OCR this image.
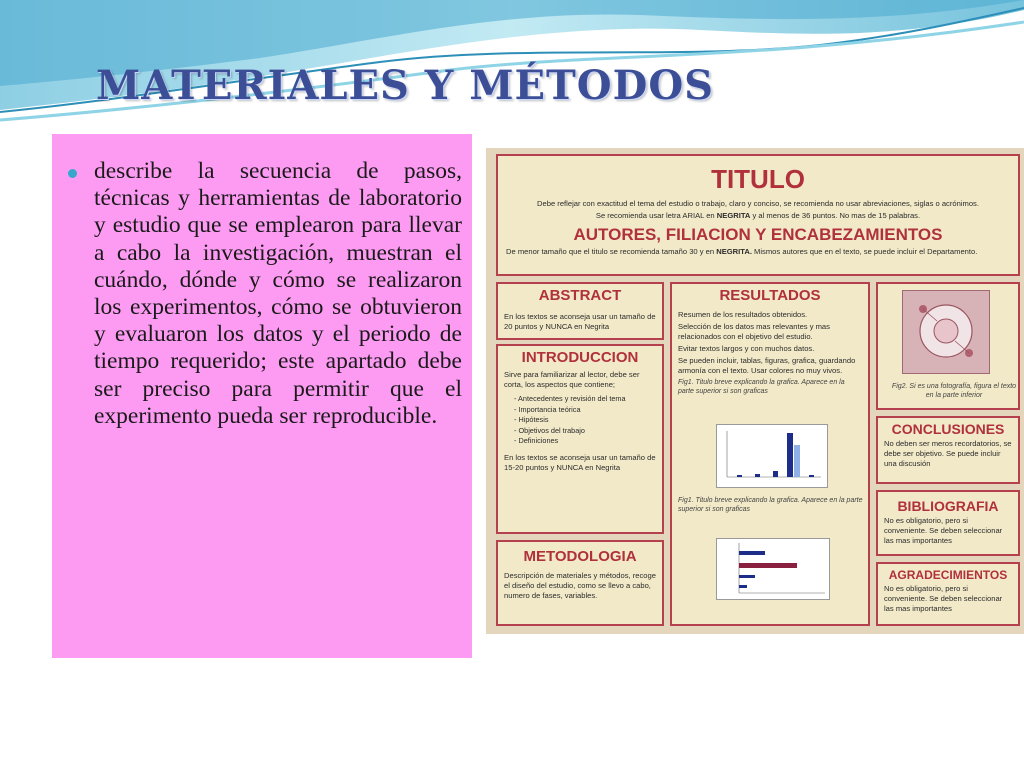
MATERIALES Y MÉTODOS

describe la secuencia de pasos, técnicas y herramientas de laboratorio y estudio que se emplearon para llevar a cabo la investigación, muestran el cuándo, dónde y cómo se realizaron los experimentos, cómo se obtuvieron y evaluaron los datos y el periodo de tiempo requerido; este apartado debe ser preciso para permitir que el experimento pueda ser reproducible.

TITULO
Debe reflejar con exactitud el tema del estudio o trabajo, claro y conciso, se recomienda no usar abreviaciones, siglas o acrónimos.
Se recomienda usar letra ARIAL en NEGRITA y al menos de 36 puntos. No mas de 15 palabras.
AUTORES, FILIACION Y ENCABEZAMIENTOS
De menor tamaño que el titulo se recomienda tamaño 30 y en NEGRITA. Mismos autores que en el texto, se puede incluir el Departamento.
ABSTRACT
En los textos se aconseja usar un tamaño de 20 puntos y NUNCA en Negrita
INTRODUCCION
Sirve para familiarizar al lector, debe ser corta, los aspectos que contiene;
- Antecedentes y revisión del tema
- Importancia teórica
- Hipótesis
- Objetivos del trabajo
- Definiciones
En los textos se aconseja usar un tamaño de 15-20 puntos y NUNCA en Negrita
METODOLOGIA
Descripción de materiales y métodos, recoge el diseño del estudio, como se llevo a cabo, numero de fases, variables.
RESULTADOS
Resumen de los resultados obtenidos.
Selección de los datos mas relevantes y mas relacionados con el objetivo del estudio.
Evitar textos largos y con muchos datos.
Se pueden incluir, tablas, figuras, grafica, guardando armonía con el texto. Usar colores no muy vivos.
Fig1. Titulo breve explicando la grafica. Aparece en la parte superior si son graficas
Fig1. Titulo breve explicando la grafica. Aparece en la parte superior si son graficas
Fig2. Si es una fotografía, figura el texto en la parte inferior
CONCLUSIONES
No deben ser meros recordatorios, se debe ser objetivo. Se puede incluir una discusión
BIBLIOGRAFIA
No es obligatorio, pero si conveniente. Se deben seleccionar las mas importantes
AGRADECIMIENTOS
No es obligatorio, pero si conveniente. Se deben seleccionar las mas importantes
